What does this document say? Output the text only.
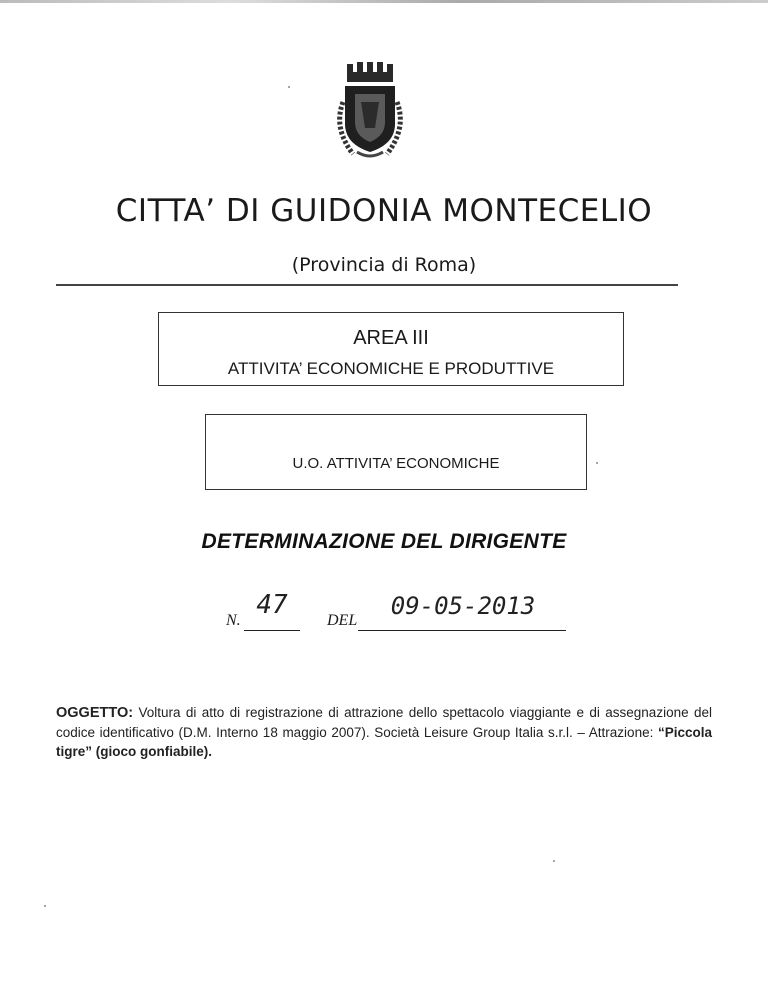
CITTA’ DI GUIDONIA MONTECELIO
(Provincia di Roma)
AREA III
ATTIVITA’ ECONOMICHE E PRODUTTIVE
U.O. ATTIVITA’ ECONOMICHE
DETERMINAZIONE DEL DIRIGENTE
N.
47
DEL
09-05-2013
OGGETTO: Voltura di atto di registrazione di attrazione dello spettacolo viaggiante e di assegnazione del codice identificativo (D.M. Interno 18 maggio 2007). Società Leisure Group Italia s.r.l. – Attrazione: “Piccola tigre” (gioco gonfiabile).
